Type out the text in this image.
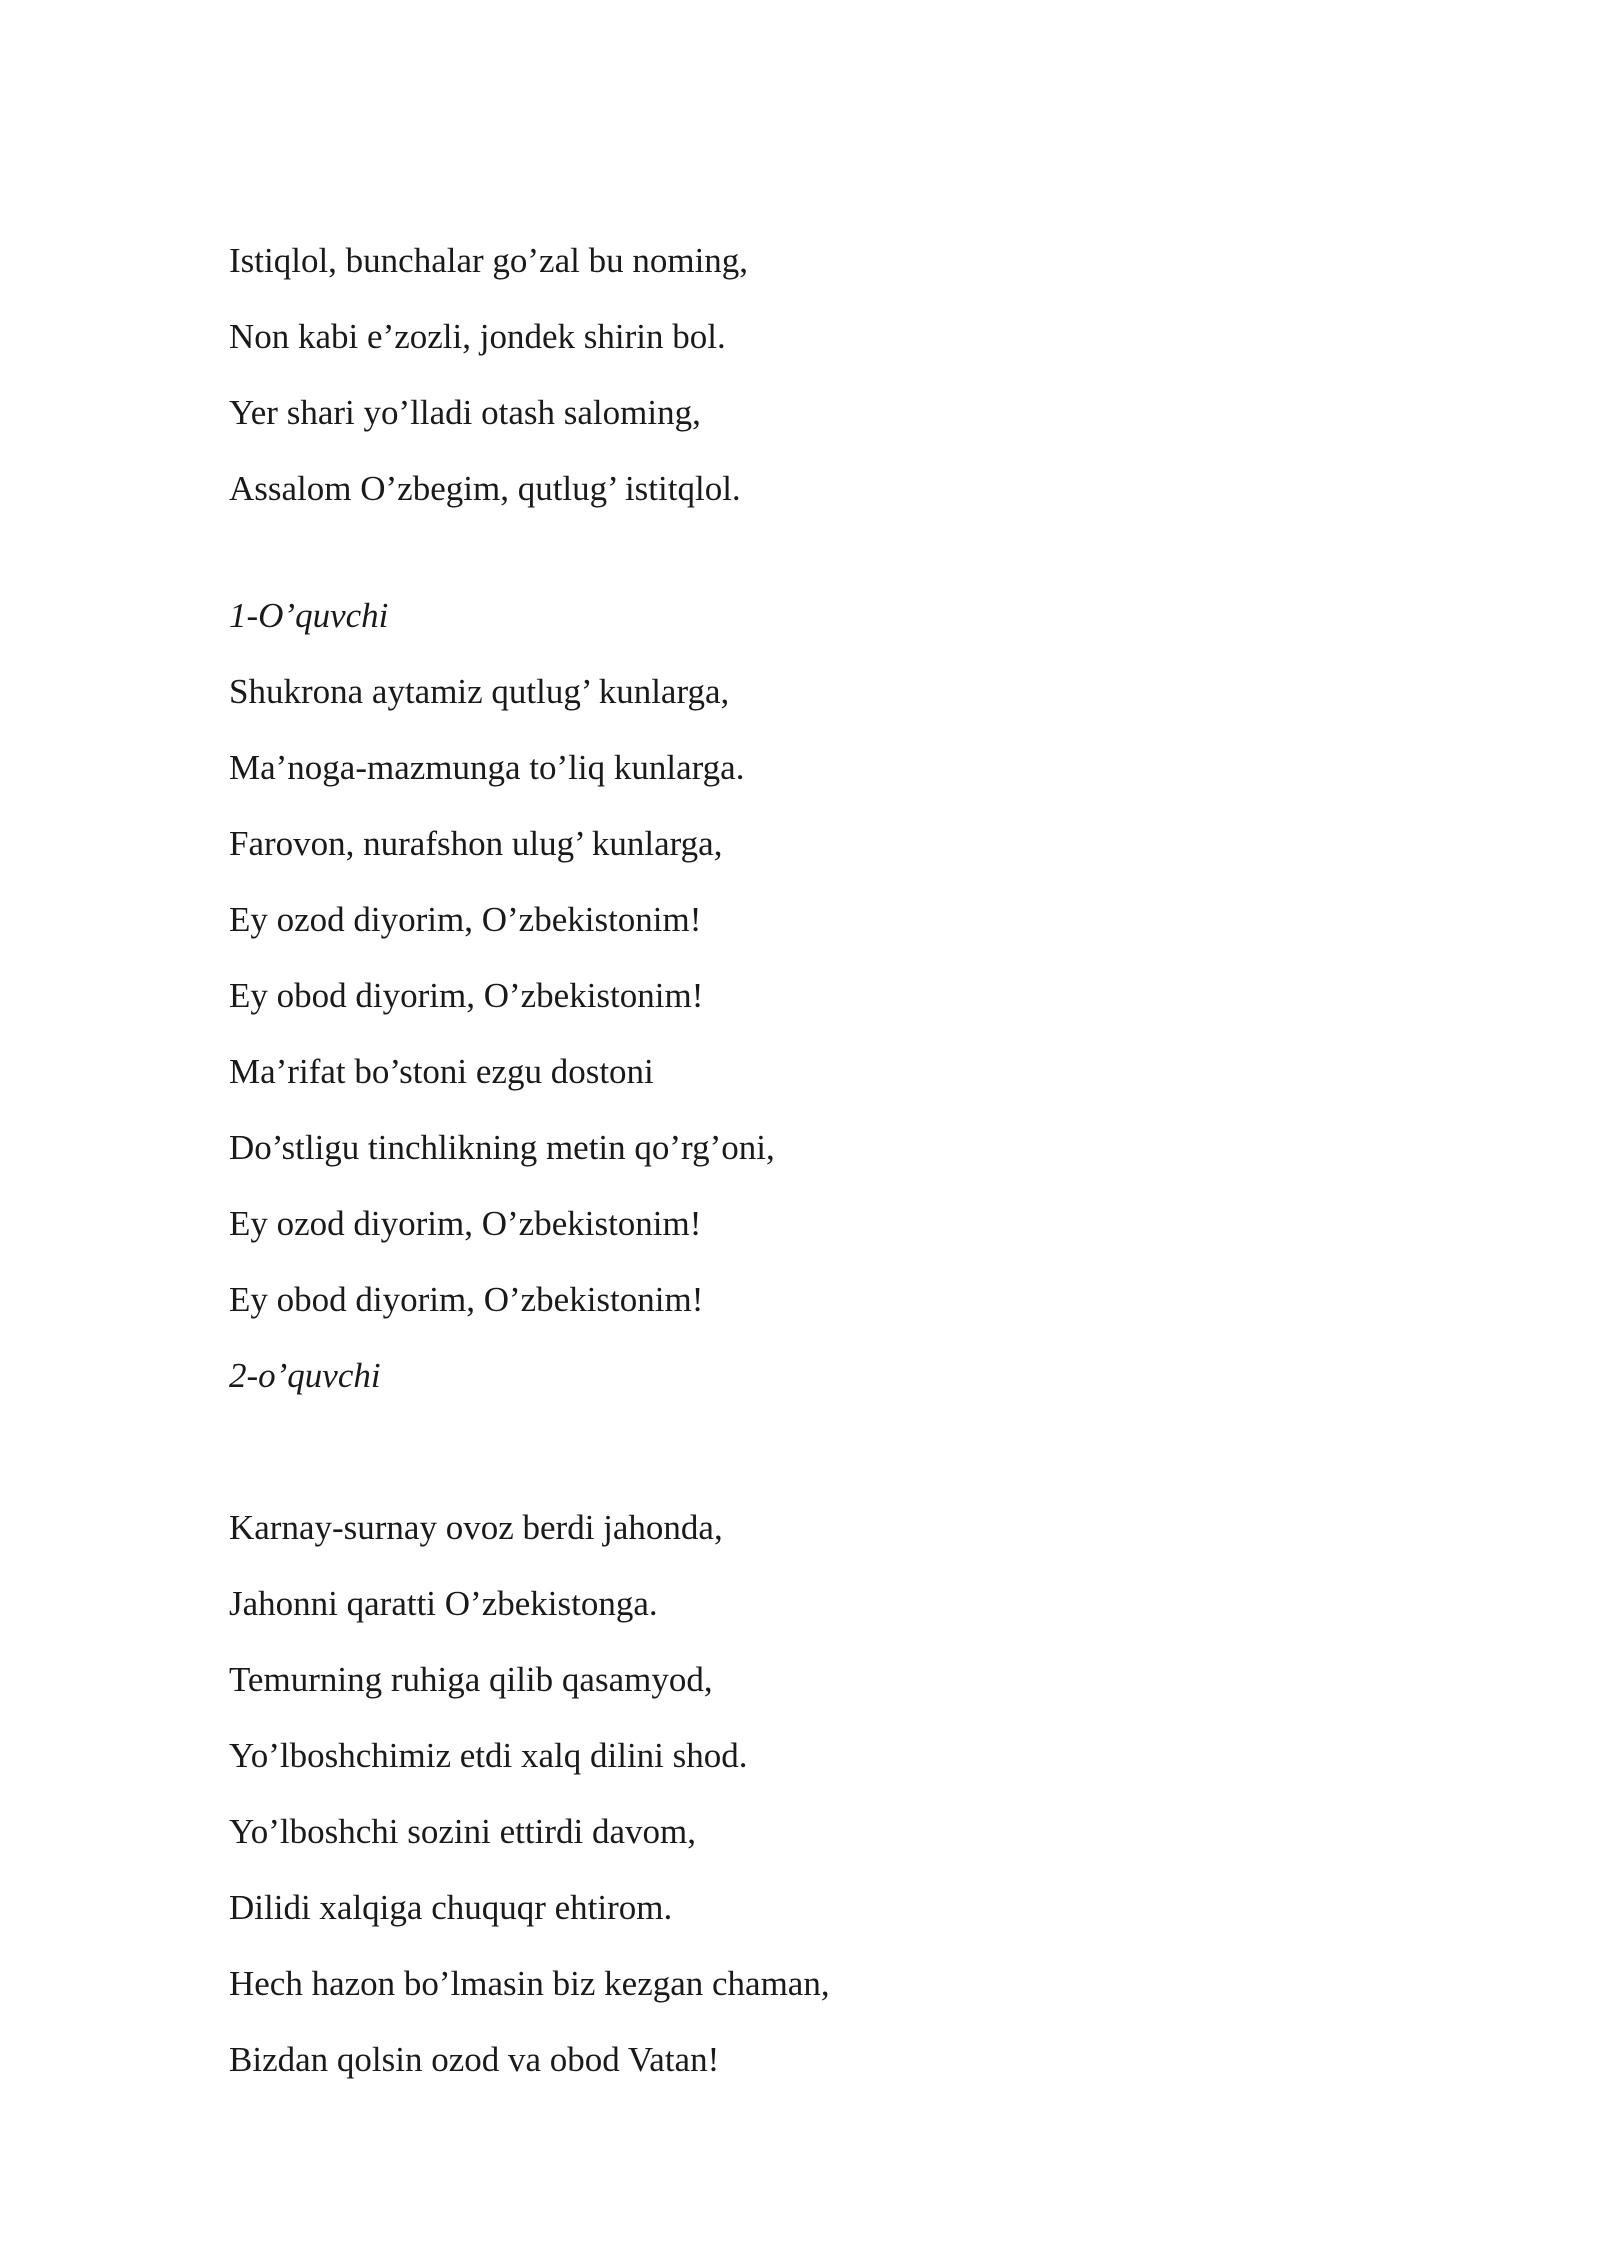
Istiqlol, bunchalar go’zal bu noming,
Non kabi e’zozli, jondek shirin bol.
Yer shari yo’lladi otash saloming,
Assalom O’zbegim, qutlug’ istitqlol.
1-O’quvchi
Shukrona aytamiz qutlug’ kunlarga,
Ma’noga-mazmunga to’liq kunlarga.
Farovon, nurafshon ulug’ kunlarga,
Ey ozod diyorim, O’zbekistonim!
Ey obod diyorim, O’zbekistonim!
Ma’rifat bo’stoni ezgu dostoni
Do’stligu tinchlikning metin qo’rg’oni,
Ey ozod diyorim, O’zbekistonim!
Ey obod diyorim, O’zbekistonim!
2-o’quvchi
Karnay-surnay ovoz berdi jahonda,
Jahonni qaratti O’zbekistonga.
Temurning ruhiga qilib qasamyod,
Yo’lboshchimiz etdi xalq dilini shod.
Yo’lboshchi sozini ettirdi davom,
Dilidi xalqiga chuquqr ehtirom.
Hech hazon bo’lmasin biz kezgan chaman,
Bizdan qolsin ozod va obod Vatan!
